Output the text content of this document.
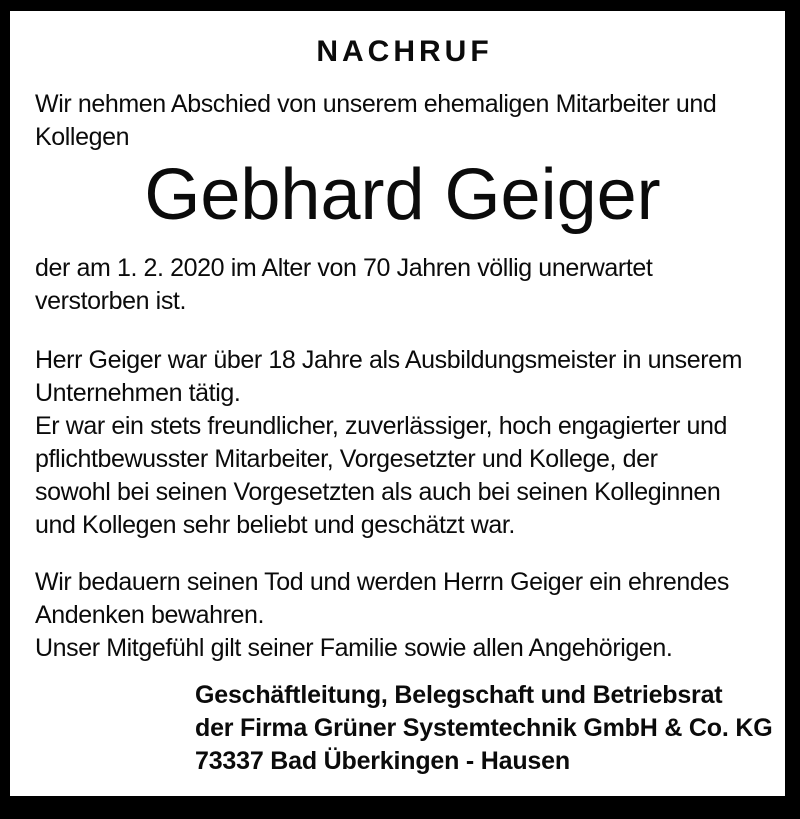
NACHRUF
Wir nehmen Abschied von unserem ehemaligen Mitarbeiter und
Kollegen
Gebhard Geiger
der am 1. 2. 2020 im Alter von 70 Jahren völlig unerwartet
verstorben ist.
Herr Geiger war über 18 Jahre als Ausbildungsmeister in unserem
Unternehmen tätig.
Er war ein stets freundlicher, zuverlässiger, hoch engagierter und
pflichtbewusster Mitarbeiter, Vorgesetzter und Kollege, der
sowohl bei seinen Vorgesetzten als auch bei seinen Kolleginnen
und Kollegen sehr beliebt und geschätzt war.
Wir bedauern seinen Tod und werden Herrn Geiger ein ehrendes
Andenken bewahren.
Unser Mitgefühl gilt seiner Familie sowie allen Angehörigen.
Geschäftleitung, Belegschaft und Betriebsrat
der Firma Grüner Systemtechnik GmbH & Co. KG
73337 Bad Überkingen - Hausen
